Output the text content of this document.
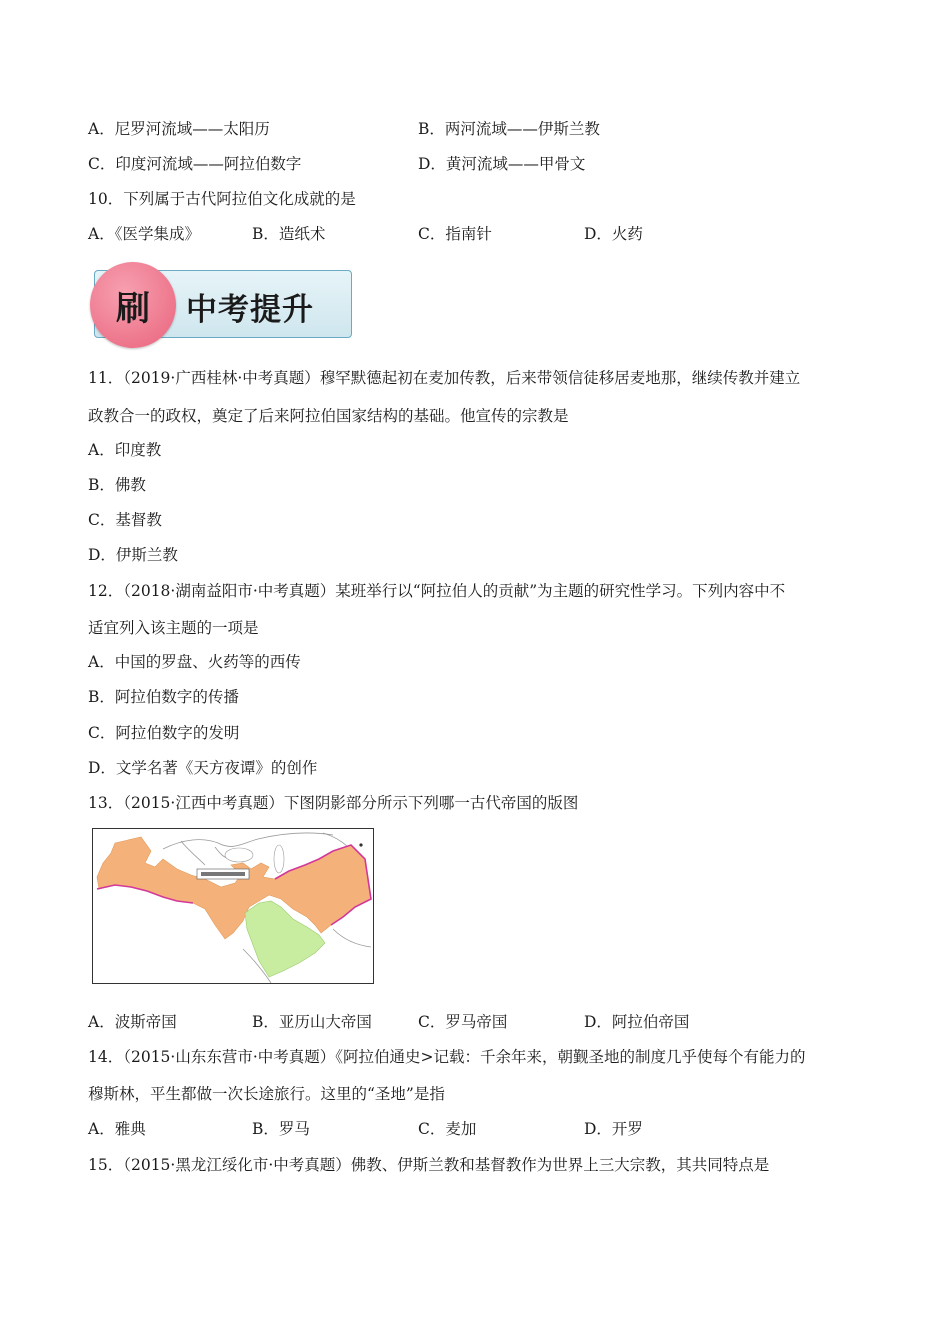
A．尼罗河流域——太阳历	B．两河流域——伊斯兰教
C．印度河流域——阿拉伯数字	D．黄河流域——甲骨文
10．下列属于古代阿拉伯文化成就的是
A．《医学集成》	B．造纸术	C．指南针	D．火药
刷 中考提升
11．（2019·广西桂林·中考真题）穆罕默德起初在麦加传教，后来带领信徒移居麦地那，继续传教并建立
政教合一的政权，奠定了后来阿拉伯国家结构的基础。他宣传的宗教是
A．印度教
B．佛教
C．基督教
D．伊斯兰教
12．（2018·湖南益阳市·中考真题）某班举行以“阿拉伯人的贡献”为主题的研究性学习。下列内容中不
适宜列入该主题的一项是
A．中国的罗盘、火药等的西传
B．阿拉伯数字的传播
C．阿拉伯数字的发明
D．文学名著《天方夜谭》的创作
13．（2015·江西中考真题）下图阴影部分所示下列哪一古代帝国的版图
A．波斯帝国	B．亚历山大帝国	C．罗马帝国	D．阿拉伯帝国
14．（2015·山东东营市·中考真题）《阿拉伯通史>记载：千余年来，朝觐圣地的制度几乎使每个有能力的
穆斯林，平生都做一次长途旅行。这里的“圣地”是指
A．雅典	B．罗马	C．麦加	D．开罗
15．（2015·黑龙江绥化市·中考真题）佛教、伊斯兰教和基督教作为世界上三大宗教，其共同特点是
